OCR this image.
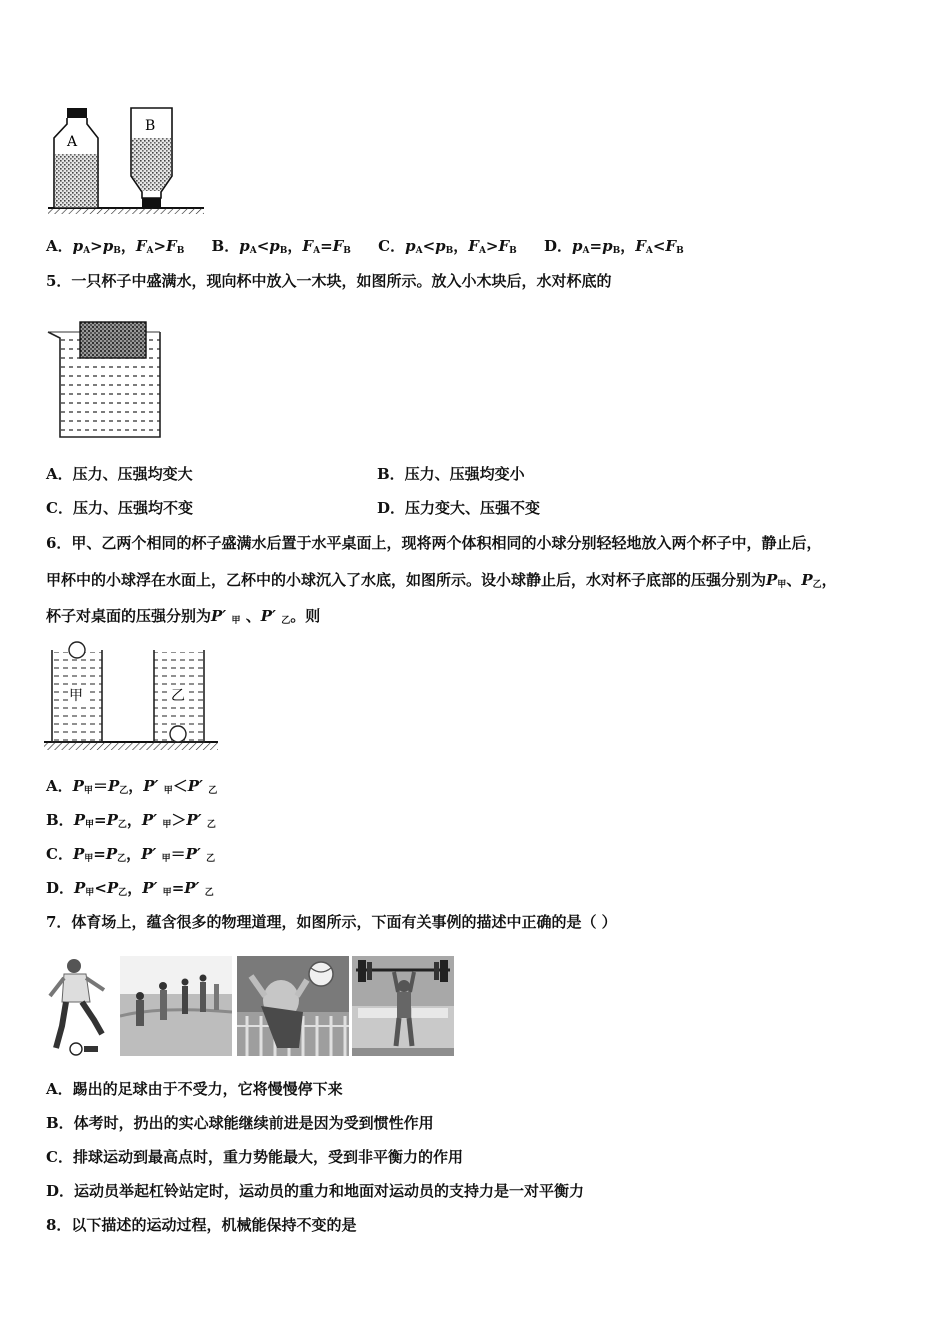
A
B
A．$p_A>p_B$，$F_A>F_B$ B．$p_A<p_B$，$F_A=F_B$ C．$p_A<p_B$，$F_A>F_B$ D．$p_A=p_B$，$F_A<F_B$
5．一只杯子中盛满水，现向杯中放入一木块，如图所示。放入小木块后，水对杯底的
A．压力、压强均变大	B．压力、压强均变小
C．压力、压强均不变	D．压力变大、压强不变
6．甲、乙两个相同的杯子盛满水后置于水平桌面上，现将两个体积相同的小球分别轻轻地放入两个杯子中，静止后，
甲杯中的小球浮在水面上，乙杯中的小球沉入了水底，如图所示。设小球静止后，水对杯子底部的压强分别为$P_甲$、$P_乙$，
杯子对桌面的压强分别为P′ $_甲$ 、P′ $_乙$。则
甲	乙
A．$P_甲=P_乙$，P′ $_甲$＜P′ $_乙$
B．$P_甲=P_乙$，P′ $_甲$＞P′ $_乙$
C．$P_甲=P_乙$，P′ $_甲$＝P′ $_乙$
D．$P_甲<P_乙$，P′ $_甲$=P′ $_乙$
7．体育场上，蕴含很多的物理道理，如图所示，下面有关事例的描述中正确的是（ ）
A．踢出的足球由于不受力，它将慢慢停下来
B．体考时，扔出的实心球能继续前进是因为受到惯性作用
C．排球运动到最高点时，重力势能最大，受到非平衡力的作用
D．运动员举起杠铃站定时，运动员的重力和地面对运动员的支持力是一对平衡力
8．以下描述的运动过程，机械能保持不变的是
